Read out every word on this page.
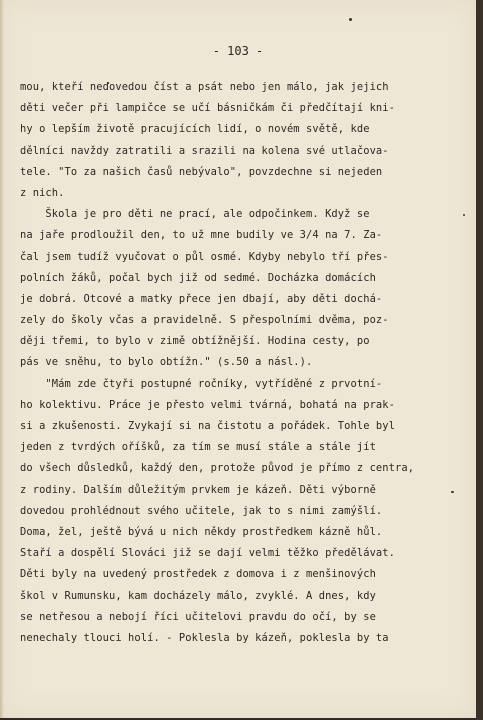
- 103 -
mou, kteří neďovedou číst a psát nebo jen málo, jak jejich
děti večer při lampičce se učí básničkám či předčítají kni-
hy o lepším životě pracujících lidí, o novém světě, kde
dělníci navždy zatratili a srazili na kolena své utlačova-
tele. "To za našich časů nebývalo", povzdechne si nejeden
z nich.
Škola je pro děti ne prací, ale odpočinkem. Když se
na jaře prodloužil den, to už mne budily ve 3/4 na 7. Za-
čal jsem tudíž vyučovat o půl osmé. Kdyby nebylo tří přes-
polních žáků, počal bych již od sedmé. Docházka domácích
je dobrá. Otcové a matky přece jen dbají, aby děti dochá-
zely do školy včas a pravidelně. S přespolními dvěma, poz-
ději třemi, to bylo v zimě obtížnější. Hodina cesty, po
pás ve sněhu, to bylo obtížn." (s.50 a násl.).
"Mám zde čtyři postupné ročníky, vytříděné z prvotní-
ho kolektivu. Práce je přesto velmi tvárná, bohatá na prak-
si a zkušenosti. Zvykají si na čistotu a pořádek. Tohle byl
jeden z tvrdých oříšků, za tím se musí stále a stále jít
do všech důsledků, každý den, protože původ je přímo z centra,
z rodiny. Dalším důležitým prvkem je kázeň. Děti výborně
dovedou prohlédnout svého učitele, jak to s nimi zamýšlí.
Doma, žel, ještě bývá u nich někdy prostředkem kázně hůl.
Staří a dospělí Slováci již se dají velmi těžko předělávat.
Děti byly na uvedený prostředek z domova i z menšinových
škol v Rumunsku, kam docházely málo, zvyklé. A dnes, kdy
se netřesou a nebojí říci učitelovi pravdu do očí, by se
nenechaly tlouci holí. - Poklesla by kázeň, poklesla by ta
